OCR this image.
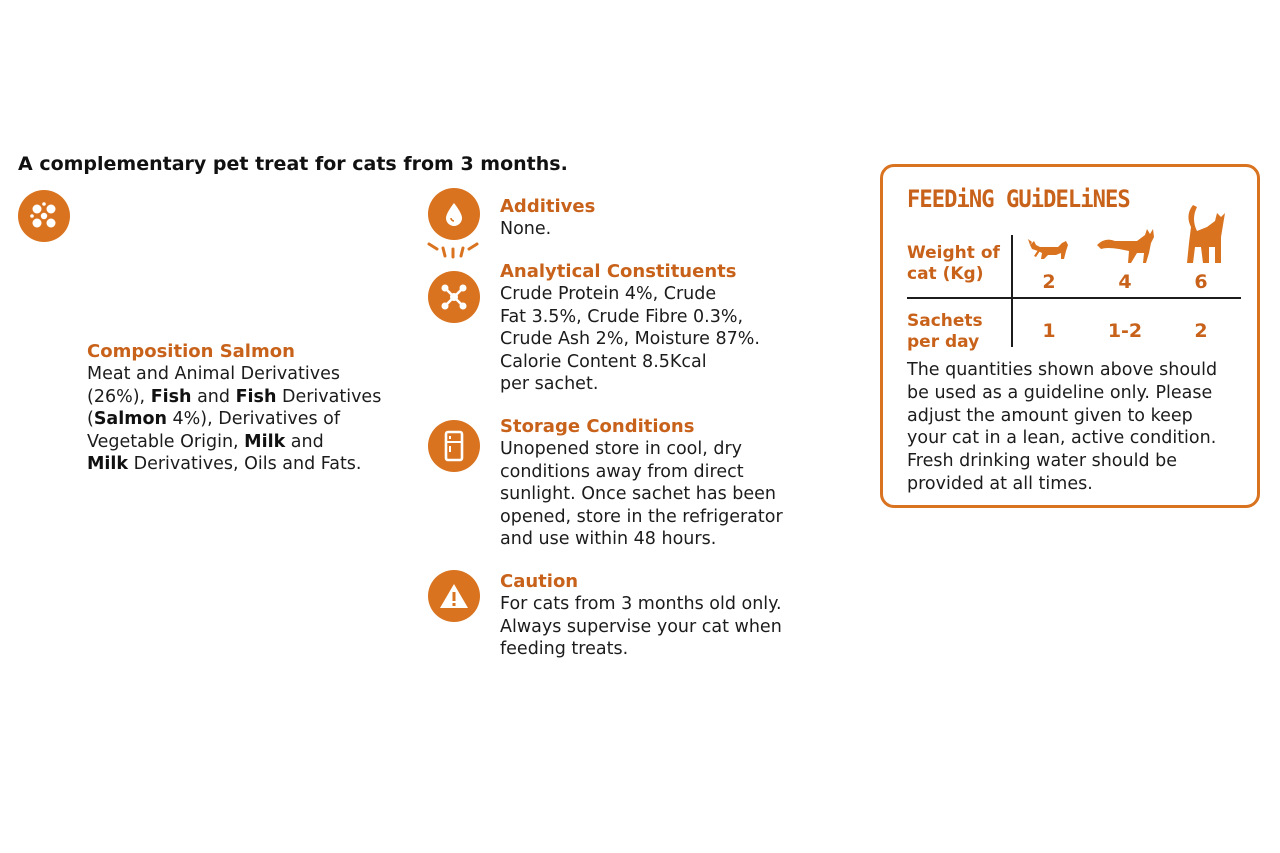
A complementary pet treat for cats from 3 months.
Composition Salmon
Meat and Animal Derivatives
(26%), Fish and Fish Derivatives
(Salmon 4%), Derivatives of
Vegetable Origin, Milk and
Milk Derivatives, Oils and Fats.
Additives
None.
Analytical Constituents
Crude Protein 4%, Crude
Fat 3.5%, Crude Fibre 0.3%,
Crude Ash 2%, Moisture 87%.
Calorie Content 8.5Kcal
per sachet.
Storage Conditions
Unopened store in cool, dry
conditions away from direct
sunlight. Once sachet has been
opened, store in the refrigerator
and use within 48 hours.
Caution
For cats from 3 months old only.
Always supervise your cat when
feeding treats.
FEEDiNG GUiDELiNES
Weight of
cat (Kg)	2	4	6
Sachets
per day	1	1-2	2
The quantities shown above should
be used as a guideline only. Please
adjust the amount given to keep
your cat in a lean, active condition.
Fresh drinking water should be
provided at all times.
